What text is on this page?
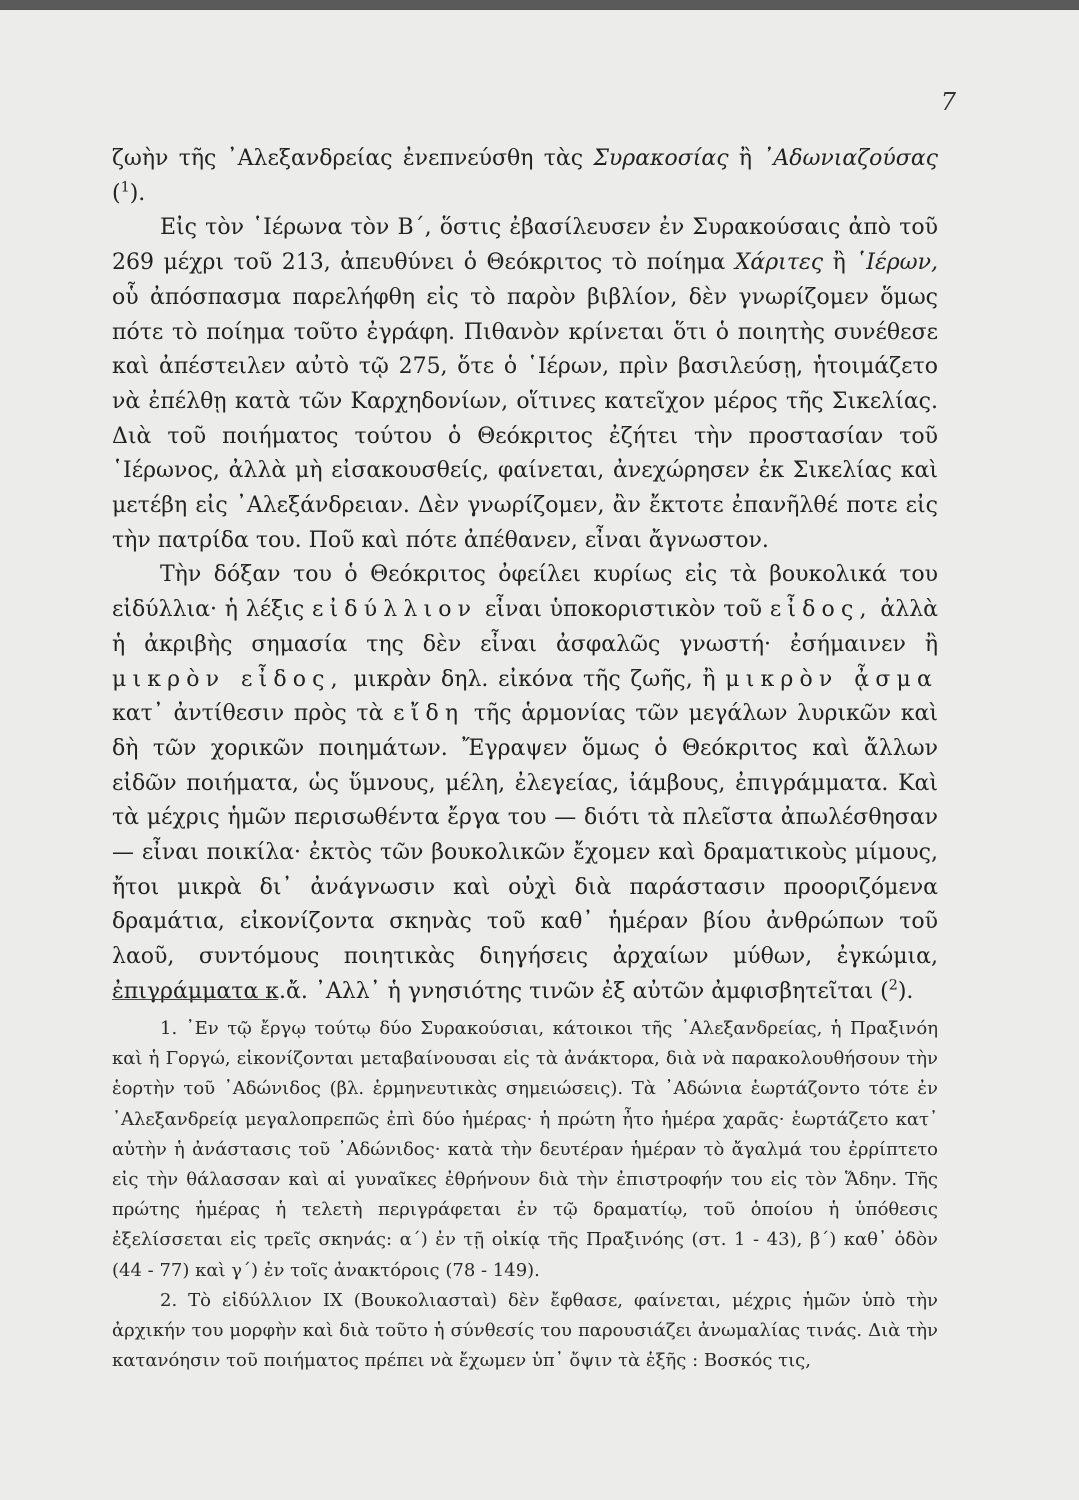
7

ζωὴν τῆς ᾿Αλεξανδρείας ἐνεπνεύσθη τὰς Συρακοσίας ἢ ᾿Αδωνιαζούσας ($^1$).

Εἰς τὸν ῾Ιέρωνα τὸν Β΄, ὅστις ἐβασίλευσεν ἐν Συρακούσαις ἀπὸ τοῦ 269 μέχρι τοῦ 213, ἀπευθύνει ὁ Θεόκριτος τὸ ποίημα Χάριτες ἢ ῾Ιέρων, οὗ ἀπόσπασμα παρελήφθη εἰς τὸ παρὸν βιβλίον, δὲν γνωρίζομεν ὅμως πότε τὸ ποίημα τοῦτο ἐγράφη. Πιθανὸν κρίνεται ὅτι ὁ ποιητὴς συνέθεσε καὶ ἀπέστειλεν αὐτὸ τῷ 275, ὅτε ὁ ῾Ιέρων, πρὶν βασιλεύσῃ, ἡτοιμάζετο νὰ ἐπέλθῃ κατὰ τῶν Καρχηδονίων, οἵτινες κατεῖχον μέρος τῆς Σικελίας. Διὰ τοῦ ποιήματος τούτου ὁ Θεόκριτος ἐζήτει τὴν προστασίαν τοῦ ῾Ιέρωνος, ἀλλὰ μὴ εἰσακουσθείς, φαίνεται, ἀνεχώρησεν ἐκ Σικελίας καὶ μετέβη εἰς ᾿Αλεξάνδρειαν. Δὲν γνωρίζομεν, ἂν ἔκτοτε ἐπανῆλθέ ποτε εἰς τὴν πατρίδα του. Ποῦ καὶ πότε ἀπέθανεν, εἶναι ἄγνωστον.

Τὴν δόξαν του ὁ Θεόκριτος ὀφείλει κυρίως εἰς τὰ βουκολικά του εἰδύλλια· ἡ λέξις εἰδύλλιον εἶναι ὑποκοριστικὸν τοῦ εἶδος, ἀλλὰ ἡ ἀκριβὴς σημασία της δὲν εἶναι ἀσφαλῶς γνωστή· ἐσήμαινεν ἢ μικρὸν εἶδος, μικρὰν δηλ. εἰκόνα τῆς ζωῆς, ἢ μικρὸν ᾆσμα κατ᾿ ἀντίθεσιν πρὸς τὰ εἴδη τῆς ἁρμονίας τῶν μεγάλων λυρικῶν καὶ δὴ τῶν χορικῶν ποιημάτων. Ἔγραψεν ὅμως ὁ Θεόκριτος καὶ ἄλλων εἰδῶν ποιήματα, ὡς ὕμνους, μέλη, ἐλεγείας, ἰάμβους, ἐπιγράμματα. Καὶ τὰ μέχρις ἡμῶν περισωθέντα ἔργα του — διότι τὰ πλεῖστα ἀπωλέσθησαν — εἶναι ποικίλα· ἐκτὸς τῶν βουκολικῶν ἔχομεν καὶ δραματικοὺς μίμους, ἤτοι μικρὰ δι᾿ ἀνάγνωσιν καὶ οὐχὶ διὰ παράστασιν προοριζόμενα δραμάτια, εἰκονίζοντα σκηνὰς τοῦ καθ᾿ ἡμέραν βίου ἀνθρώπων τοῦ λαοῦ, συντόμους ποιητικὰς διηγήσεις ἀρχαίων μύθων, ἐγκώμια, ἐπιγράμματα κ.ἄ. ᾿Αλλ᾿ ἡ γνησιότης τινῶν ἐξ αὐτῶν ἀμφισβητεῖται ($^2$).

1. ᾿Εν τῷ ἔργῳ τούτῳ δύο Συρακούσιαι, κάτοικοι τῆς ᾿Αλεξανδρείας, ἡ Πραξινόη καὶ ἡ Γοργώ, εἰκονίζονται μεταβαίνουσαι εἰς τὰ ἀνάκτορα, διὰ νὰ παρακολουθήσουν τὴν ἑορτὴν τοῦ ᾿Αδώνιδος (βλ. ἑρμηνευτικὰς σημειώσεις). Τὰ ᾿Αδώνια ἑωρτάζοντο τότε ἐν ᾿Αλεξανδρείᾳ μεγαλοπρεπῶς ἐπὶ δύο ἡμέρας· ἡ πρώτη ἦτο ἡμέρα χαρᾶς· ἑωρτάζετο κατ᾿ αὐτὴν ἡ ἀνάστασις τοῦ ᾿Αδώνιδος· κατὰ τὴν δευτέραν ἡμέραν τὸ ἄγαλμά του ἐρρίπτετο εἰς τὴν θάλασσαν καὶ αἱ γυναῖκες ἐθρήνουν διὰ τὴν ἐπιστροφήν του εἰς τὸν Ἅδην. Τῆς πρώτης ἡμέρας ἡ τελετὴ περιγράφεται ἐν τῷ δραματίῳ, τοῦ ὁποίου ἡ ὑπόθεσις ἐξελίσσεται εἰς τρεῖς σκηνάς: α΄) ἐν τῇ οἰκίᾳ τῆς Πραξινόης (στ. 1 - 43), β΄) καθ᾿ ὁδὸν (44 - 77) καὶ γ΄) ἐν τοῖς ἀνακτόροις (78 - 149).

2. Τὸ εἰδύλλιον IX (Βουκολιασταὶ) δὲν ἔφθασε, φαίνεται, μέχρις ἡμῶν ὑπὸ τὴν ἀρχικήν του μορφὴν καὶ διὰ τοῦτο ἡ σύνθεσίς του παρουσιάζει ἀνωμαλίας τινάς. Διὰ τὴν κατανόησιν τοῦ ποιήματος πρέπει νὰ ἔχωμεν ὑπ᾿ ὄψιν τὰ ἑξῆς : Βοσκός τις,
